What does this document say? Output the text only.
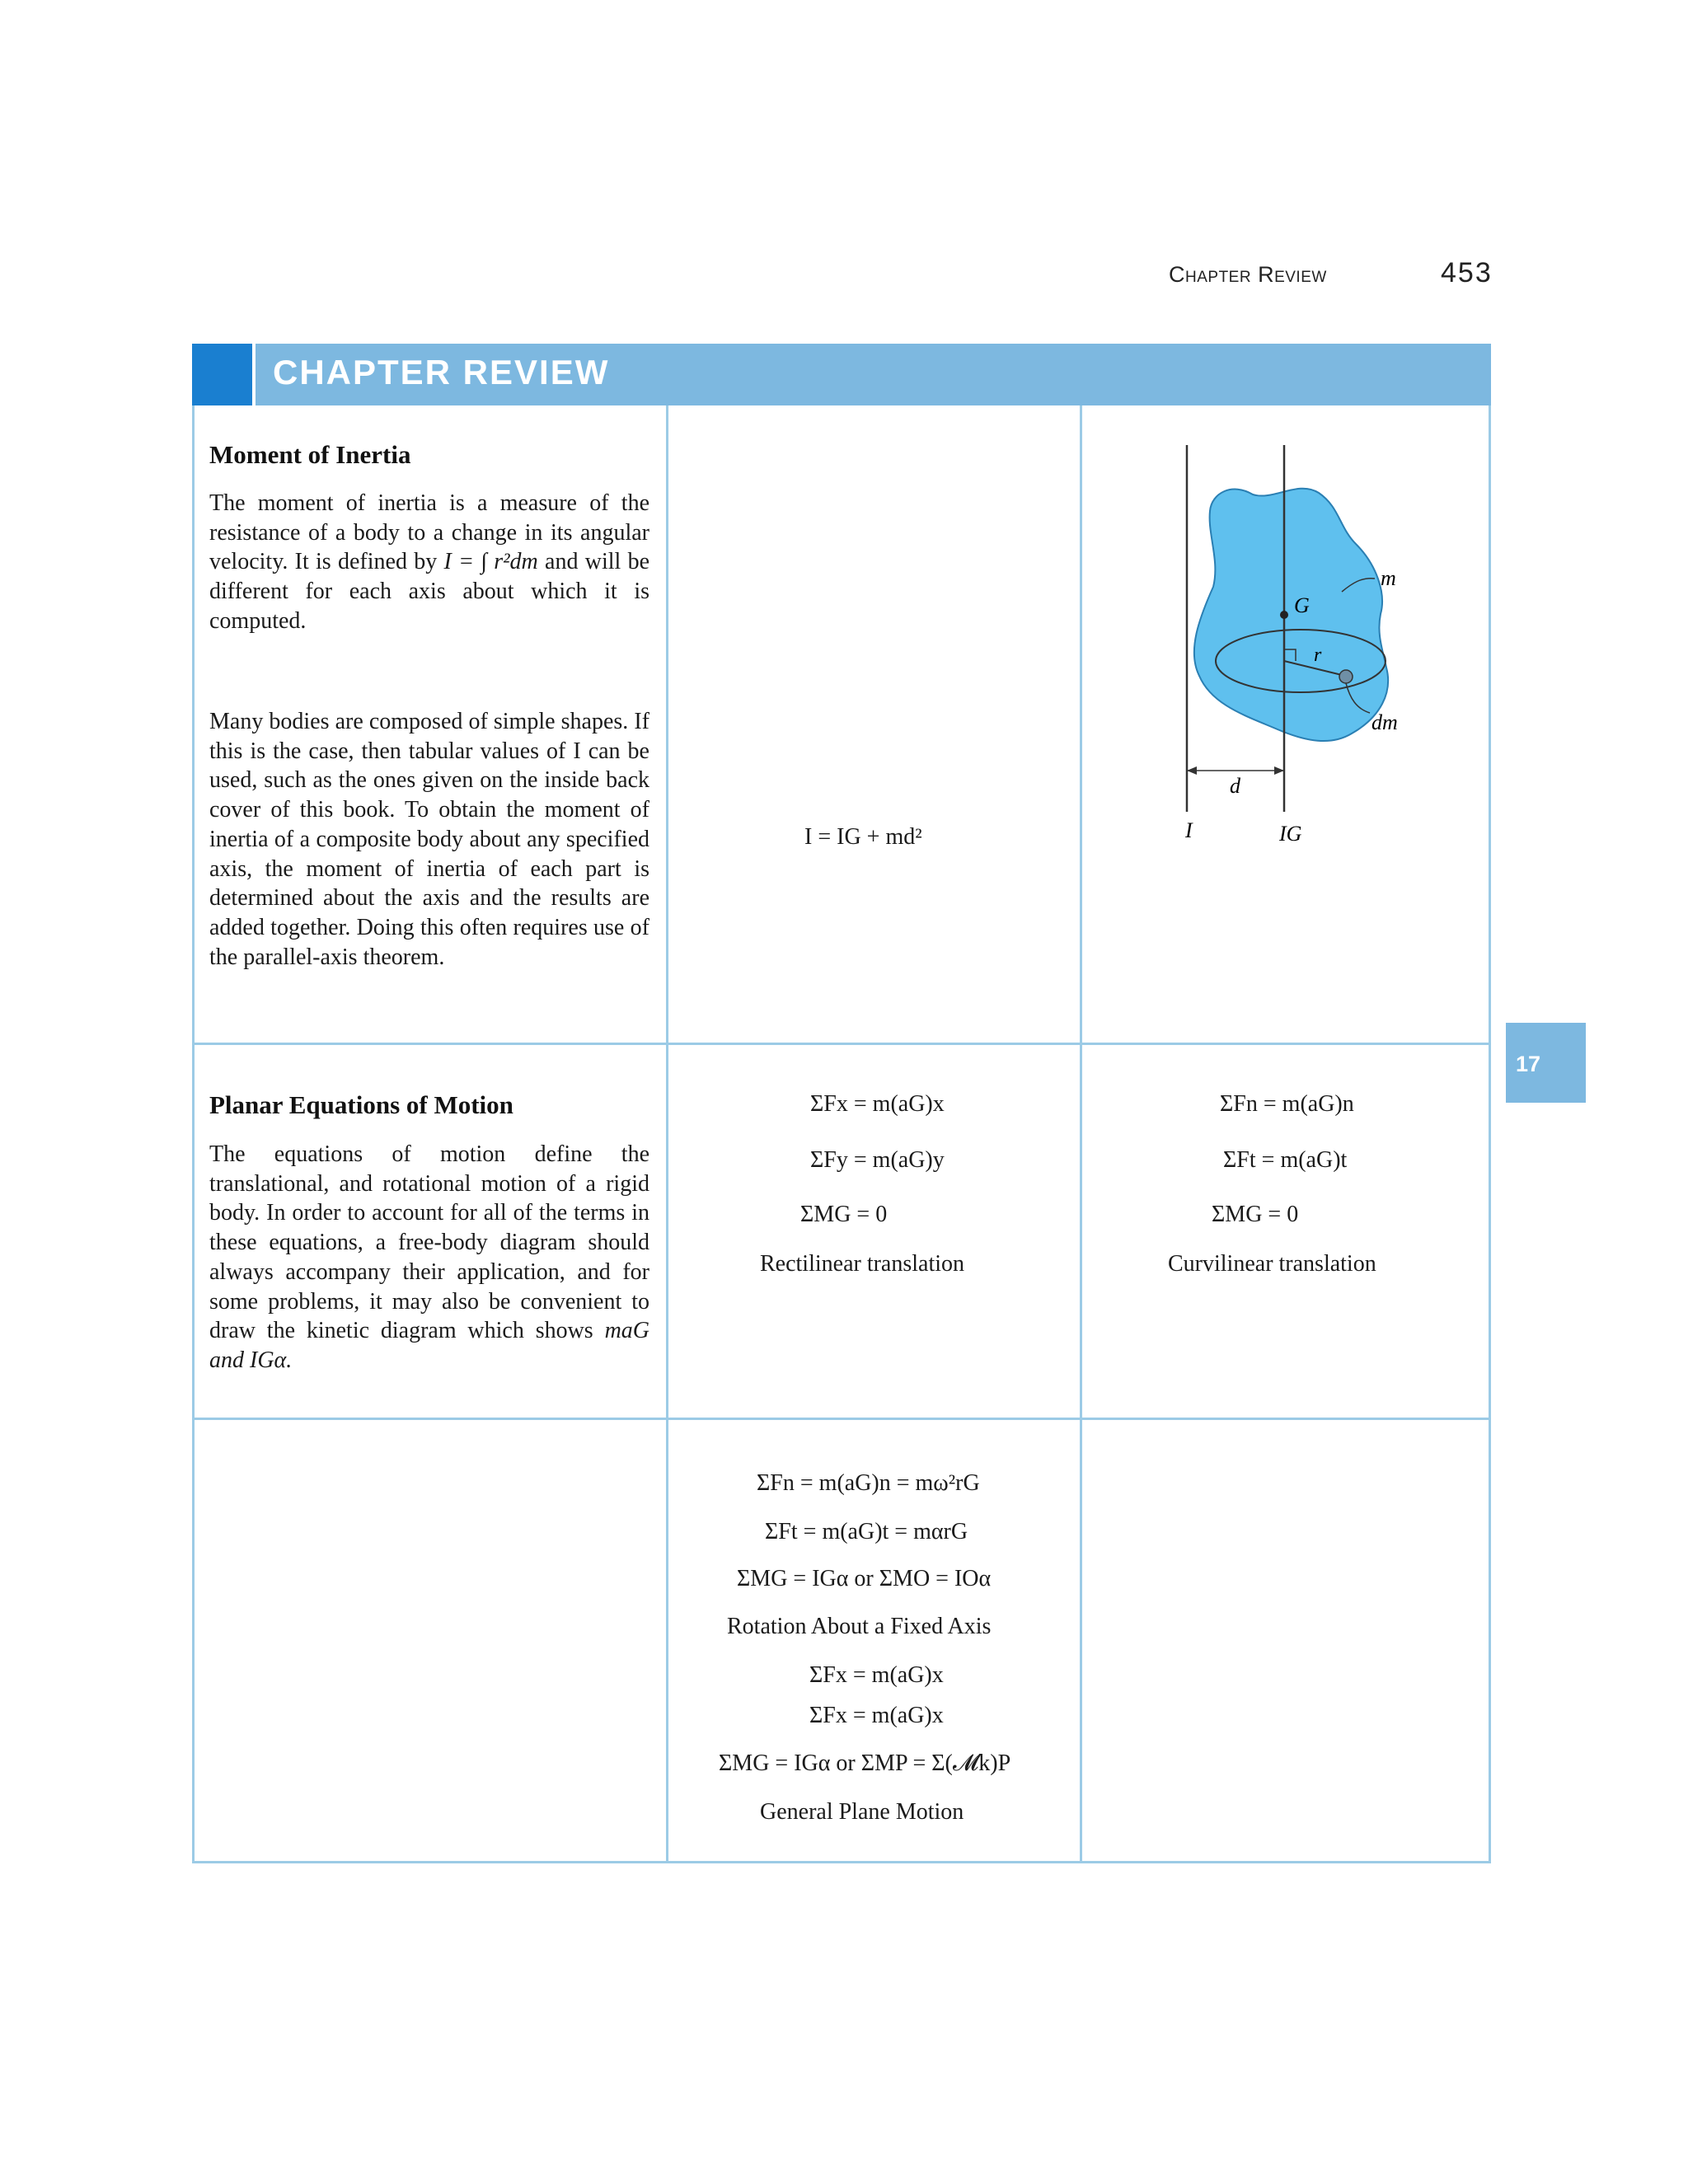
Chapter Review	453
CHAPTER REVIEW
17
Moment of Inertia
The moment of inertia is a measure of the resistance of a body to a change in its angular velocity. It is defined by I = ∫ r²dm and will be different for each axis about which it is computed.
Many bodies are composed of simple shapes. If this is the case, then tabular values of I can be used, such as the ones given on the inside back cover of this book. To obtain the moment of inertia of a composite body about any specified axis, the moment of inertia of each part is determined about the axis and the results are added together. Doing this often requires use of the parallel-axis theorem.
I = IG + md²
m
G
r
dm
d
I	IG
Planar Equations of Motion
The equations of motion define the translational, and rotational motion of a rigid body. In order to account for all of the terms in these equations, a free-body diagram should always accompany their application, and for some problems, it may also be convenient to draw the kinetic diagram which shows maG and IGα.
ΣFx = m(aG)x
ΣFy = m(aG)y
ΣMG = 0
Rectilinear translation
ΣFn = m(aG)n
ΣFt = m(aG)t
ΣMG = 0
Curvilinear translation
ΣFn = m(aG)n = mω²rG
ΣFt = m(aG)t = mαrG
ΣMG = IGα or ΣMO = IOα
Rotation About a Fixed Axis
ΣFx = m(aG)x
ΣFx = m(aG)x
ΣMG = IGα or ΣMP = Σ(𝓜k)P
General Plane Motion
